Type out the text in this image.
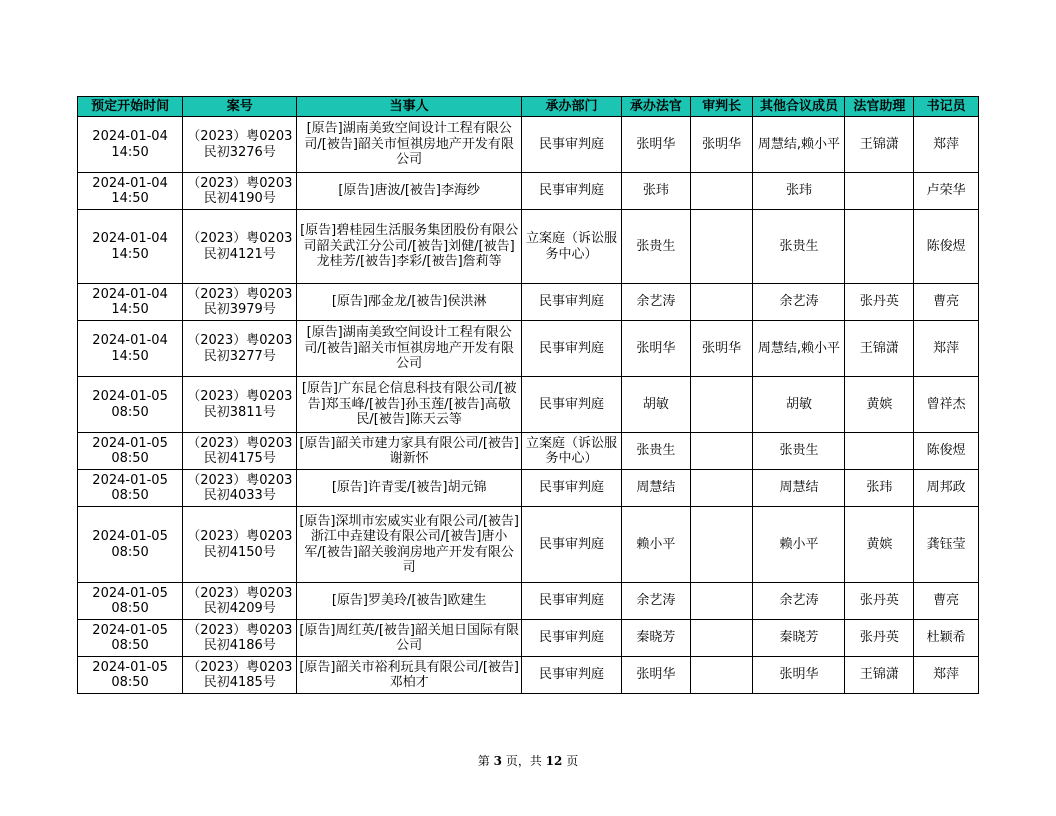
预定开始时间	案号	当事人	承办部门	承办法官	审判长	其他合议成员	法官助理	书记员
2024-01-04 14:50	（2023）粤0203民初3276号	[原告]湖南美致空间设计工程有限公司/[被告]韶关市恒祺房地产开发有限公司	民事审判庭	张明华	张明华	周慧结,赖小平	王锦潇	郑萍
2024-01-04 14:50	（2023）粤0203民初4190号	[原告]唐波/[被告]李海纱	民事审判庭	张玮		张玮		卢荣华
2024-01-04 14:50	（2023）粤0203民初4121号	[原告]碧桂园生活服务集团股份有限公司韶关武江分公司/[被告]刘健/[被告]龙桂芳/[被告]李彩/[被告]詹莉等	立案庭（诉讼服务中心）	张贵生		张贵生		陈俊煜
2024-01-04 14:50	（2023）粤0203民初3979号	[原告]邴金龙/[被告]侯洪淋	民事审判庭	余艺涛		余艺涛	张丹英	曹亮
2024-01-04 14:50	（2023）粤0203民初3277号	[原告]湖南美致空间设计工程有限公司/[被告]韶关市恒祺房地产开发有限公司	民事审判庭	张明华	张明华	周慧结,赖小平	王锦潇	郑萍
2024-01-05 08:50	（2023）粤0203民初3811号	[原告]广东昆仑信息科技有限公司/[被告]郑玉峰/[被告]孙玉莲/[被告]高敬民/[被告]陈天云等	民事审判庭	胡敏		胡敏	黄嫔	曾祥杰
2024-01-05 08:50	（2023）粤0203民初4175号	[原告]韶关市建力家具有限公司/[被告]谢新怀	立案庭（诉讼服务中心）	张贵生		张贵生		陈俊煜
2024-01-05 08:50	（2023）粤0203民初4033号	[原告]许青雯/[被告]胡元锦	民事审判庭	周慧结		周慧结	张玮	周邦政
2024-01-05 08:50	（2023）粤0203民初4150号	[原告]深圳市宏威实业有限公司/[被告]浙江中垚建设有限公司/[被告]唐小军/[被告]韶关骏润房地产开发有限公司	民事审判庭	赖小平		赖小平	黄嫔	龚钰莹
2024-01-05 08:50	（2023）粤0203民初4209号	[原告]罗美玲/[被告]欧建生	民事审判庭	余艺涛		余艺涛	张丹英	曹亮
2024-01-05 08:50	（2023）粤0203民初4186号	[原告]周红英/[被告]韶关旭日国际有限公司	民事审判庭	秦晓芳		秦晓芳	张丹英	杜颖希
2024-01-05 08:50	（2023）粤0203民初4185号	[原告]韶关市裕利玩具有限公司/[被告]邓柏才	民事审判庭	张明华		张明华	王锦潇	郑萍
第 3 页，共 12 页
